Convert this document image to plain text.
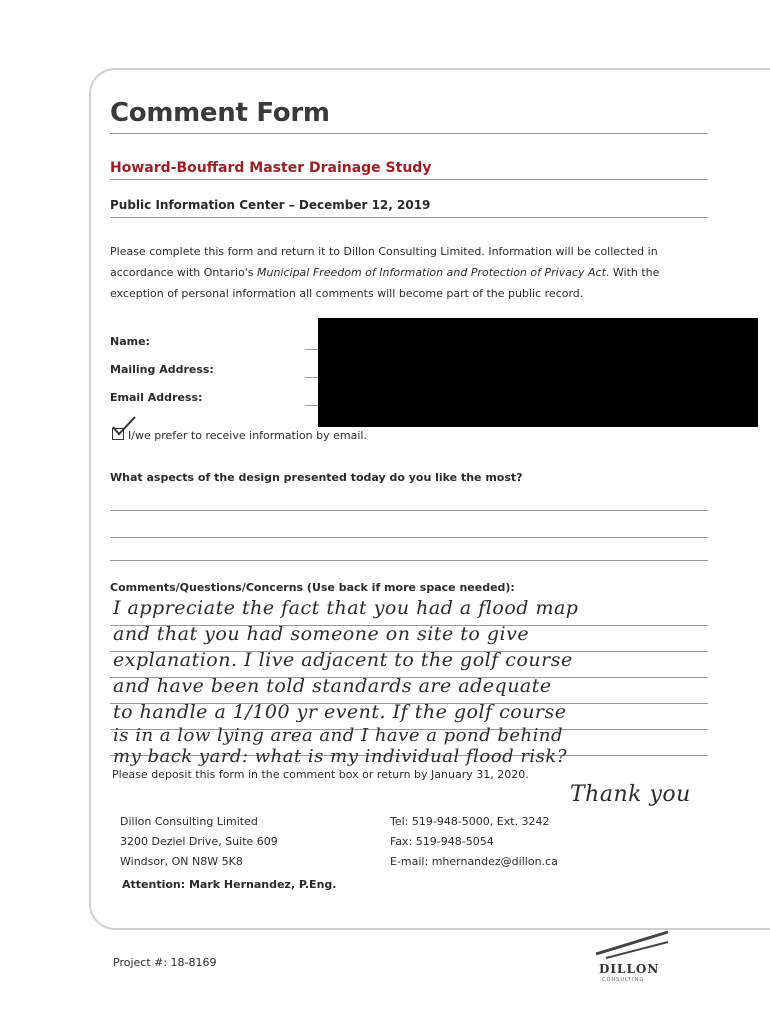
Comment Form
Howard-Bouffard Master Drainage Study
Public Information Center – December 12, 2019
Please complete this form and return it to Dillon Consulting Limited. Information will be collected in accordance with Ontario's Municipal Freedom of Information and Protection of Privacy Act. With the exception of personal information all comments will become part of the public record.
Name:
Mailing Address:
Email Address:
I/we prefer to receive information by email.
What aspects of the design presented today do you like the most?
Comments/Questions/Concerns (Use back if more space needed):
I appreciate the fact that you had a flood map
and that you had someone on site to give
explanation. I live adjacent to the golf course
and have been told standards are adequate
to handle a 1/100 yr event. If the golf course
is in a low lying area and I have a pond behind
my back yard: what is my individual flood risk?
Please deposit this form in the comment box or return by January 31, 2020.
Thank you
Dillon Consulting Limited
3200 Deziel Drive, Suite 609
Windsor, ON N8W 5K8
Tel: 519-948-5000, Ext. 3242
Fax: 519-948-5054
E-mail: mhernandez@dillon.ca
Attention: Mark Hernandez, P.Eng.
Project #: 18-8169	DILLON
CONSULTING
